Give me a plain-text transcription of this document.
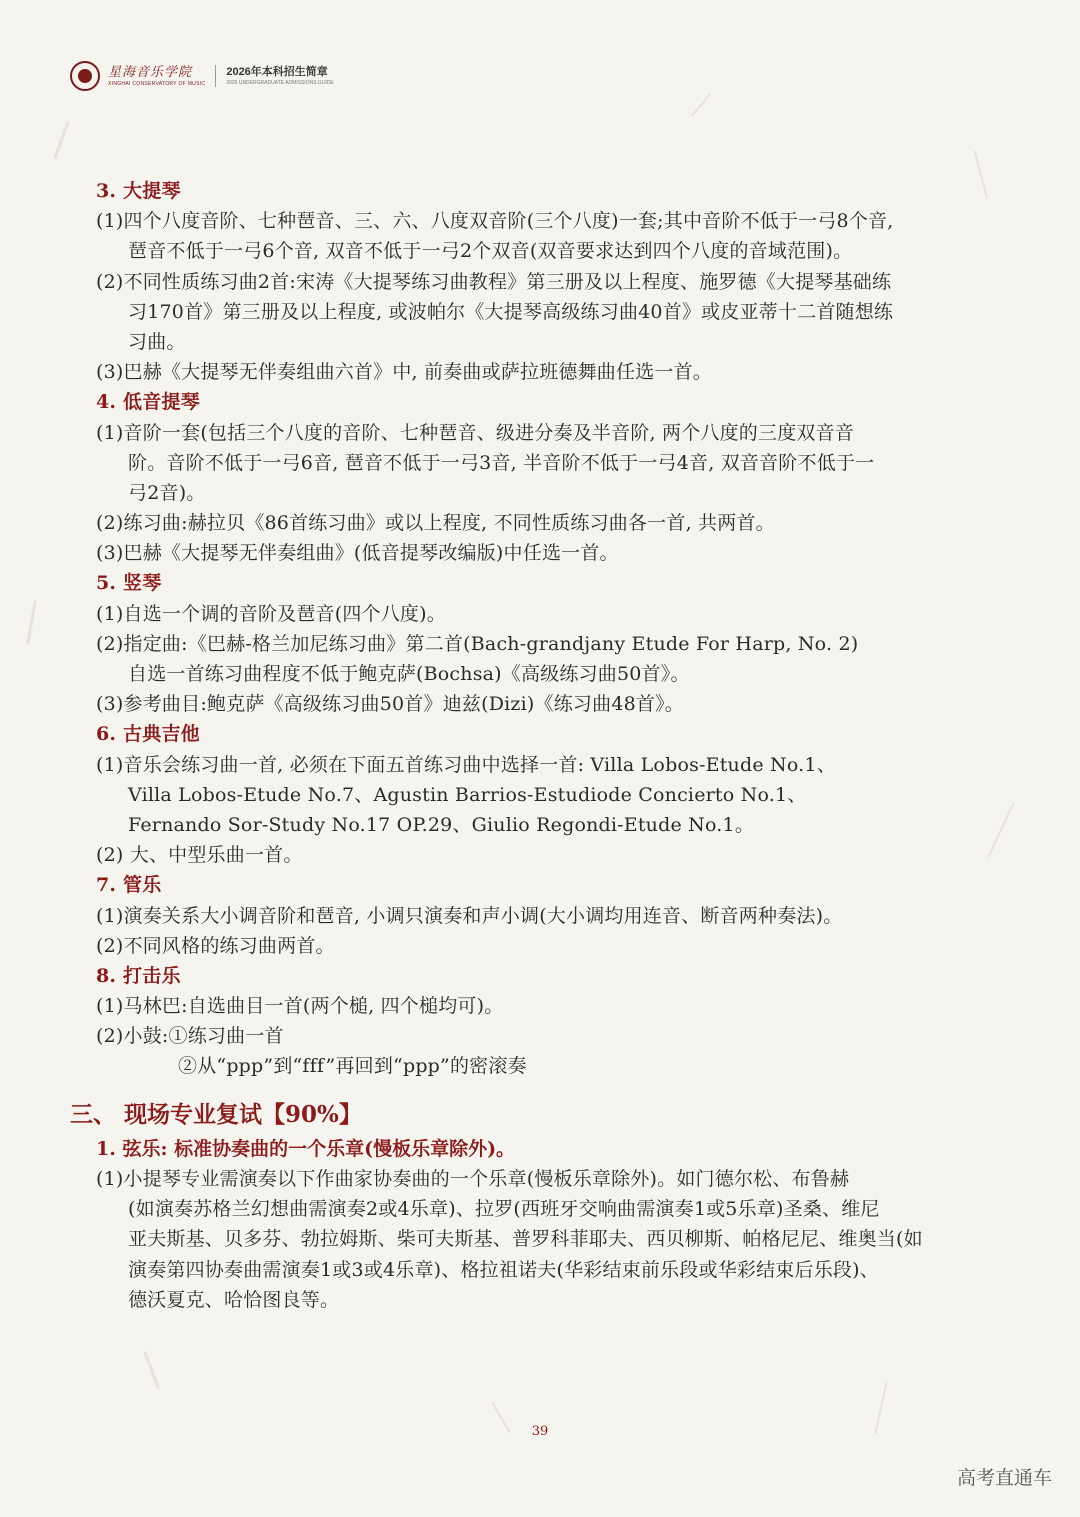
星海音乐学院
XINGHAI CONSERVATORY OF MUSIC
2026年本科招生简章
2026 UNDERGRADUATE ADMISSIONS GUIDE
3. 大提琴
(1)四个八度音阶、七种琶音、三、六、八度双音阶(三个八度)一套;其中音阶不低于一弓8个音,
琶音不低于一弓6个音, 双音不低于一弓2个双音(双音要求达到四个八度的音域范围)。
(2)不同性质练习曲2首:宋涛《大提琴练习曲教程》第三册及以上程度、施罗德《大提琴基础练
习170首》第三册及以上程度, 或波帕尔《大提琴高级练习曲40首》或皮亚蒂十二首随想练
习曲。
(3)巴赫《大提琴无伴奏组曲六首》中, 前奏曲或萨拉班德舞曲任选一首。
4. 低音提琴
(1)音阶一套(包括三个八度的音阶、七种琶音、级进分奏及半音阶, 两个八度的三度双音音
阶。音阶不低于一弓6音, 琶音不低于一弓3音, 半音阶不低于一弓4音, 双音音阶不低于一
弓2音)。
(2)练习曲:赫拉贝《86首练习曲》或以上程度, 不同性质练习曲各一首, 共两首。
(3)巴赫《大提琴无伴奏组曲》(低音提琴改编版)中任选一首。
5. 竖琴
(1)自选一个调的音阶及琶音(四个八度)。
(2)指定曲:《巴赫-格兰加尼练习曲》第二首(Bach-grandjany Etude For Harp, No. 2)
自选一首练习曲程度不低于鲍克萨(Bochsa)《高级练习曲50首》。
(3)参考曲目:鲍克萨《高级练习曲50首》迪兹(Dizi)《练习曲48首》。
6. 古典吉他
(1)音乐会练习曲一首, 必须在下面五首练习曲中选择一首: Villa Lobos-Etude No.1、
Villa Lobos-Etude No.7、Agustin Barrios-Estudiode Concierto No.1、
Fernando Sor-Study No.17 OP.29、Giulio Regondi-Etude No.1。
(2) 大、中型乐曲一首。
7. 管乐
(1)演奏关系大小调音阶和琶音, 小调只演奏和声小调(大小调均用连音、断音两种奏法)。
(2)不同风格的练习曲两首。
8. 打击乐
(1)马林巴:自选曲目一首(两个槌, 四个槌均可)。
(2)小鼓:①练习曲一首
②从“ppp”到“fff”再回到“ppp”的密滚奏
三、 现场专业复试【90%】
1. 弦乐: 标准协奏曲的一个乐章(慢板乐章除外)。
(1)小提琴专业需演奏以下作曲家协奏曲的一个乐章(慢板乐章除外)。如门德尔松、布鲁赫
(如演奏苏格兰幻想曲需演奏2或4乐章)、拉罗(西班牙交响曲需演奏1或5乐章)圣桑、维尼
亚夫斯基、贝多芬、勃拉姆斯、柴可夫斯基、普罗科菲耶夫、西贝柳斯、帕格尼尼、维奥当(如
演奏第四协奏曲需演奏1或3或4乐章)、格拉祖诺夫(华彩结束前乐段或华彩结束后乐段)、
德沃夏克、哈恰图良等。
39
高考直通车
